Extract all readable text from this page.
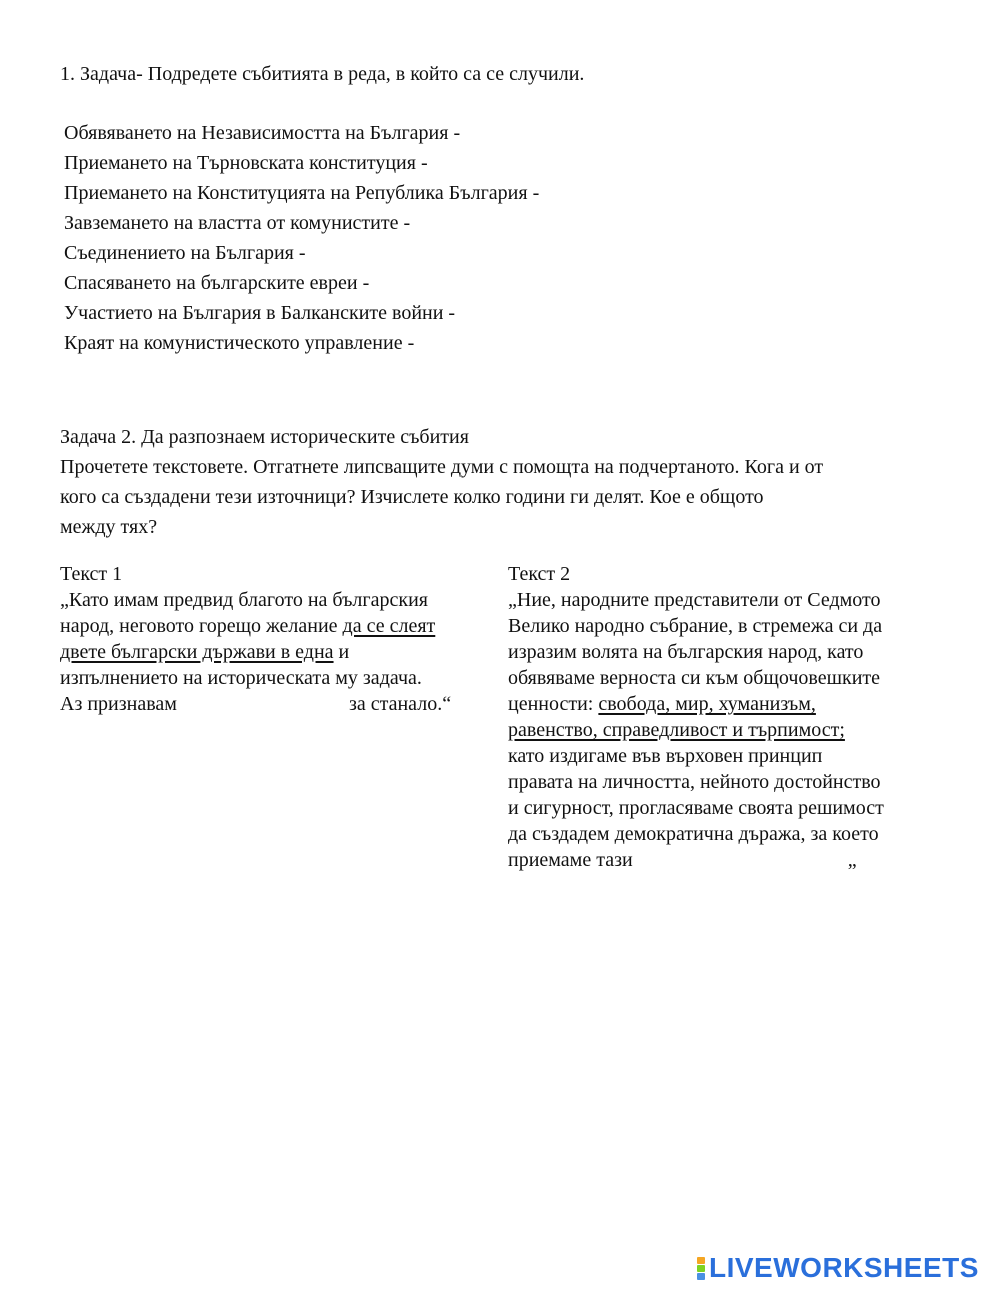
1. Задача- Подредете събитията в реда, в който са се случили.
Обявяването на Независимостта на България -
Приемането на Търновската конституция -
Приемането на Конституцията на Република България -
Завземането на властта от комунистите -
Съединението на България -
Спасяването на българските евреи -
Участието на България в Балканските войни -
Краят на комунистическото управление -
Задача 2. Да разпознаем историческите събития
Прочетете текстовете. Отгатнете липсващите думи с помощта на подчертаното. Кога и от
кого са създадени тези източници? Изчислете колко години ги делят. Кое е общото
между тях?
Текст 1
„Като имам предвид благото на българския
народ, неговото горещо желание да се слеят
двете български държави в една и
изпълнението на историческата му задача.
Аз признавам	за станало.“
Текст 2
„Ние, народните представители от Седмото
Велико народно събрание, в стремежа си да
изразим волята на българския народ, като
обявяваме верноста си към общочовешките
ценности: свобода, мир, хуманизъм,
равенство, справедливост и търпимост;
като издигаме във върховен принцип
правата на личността, нейното достойнство
и сигурност, прогласяваме своята решимост
да създадем демократична дъража, за което
приемаме тази	„
LIVEWORKSHEETS
